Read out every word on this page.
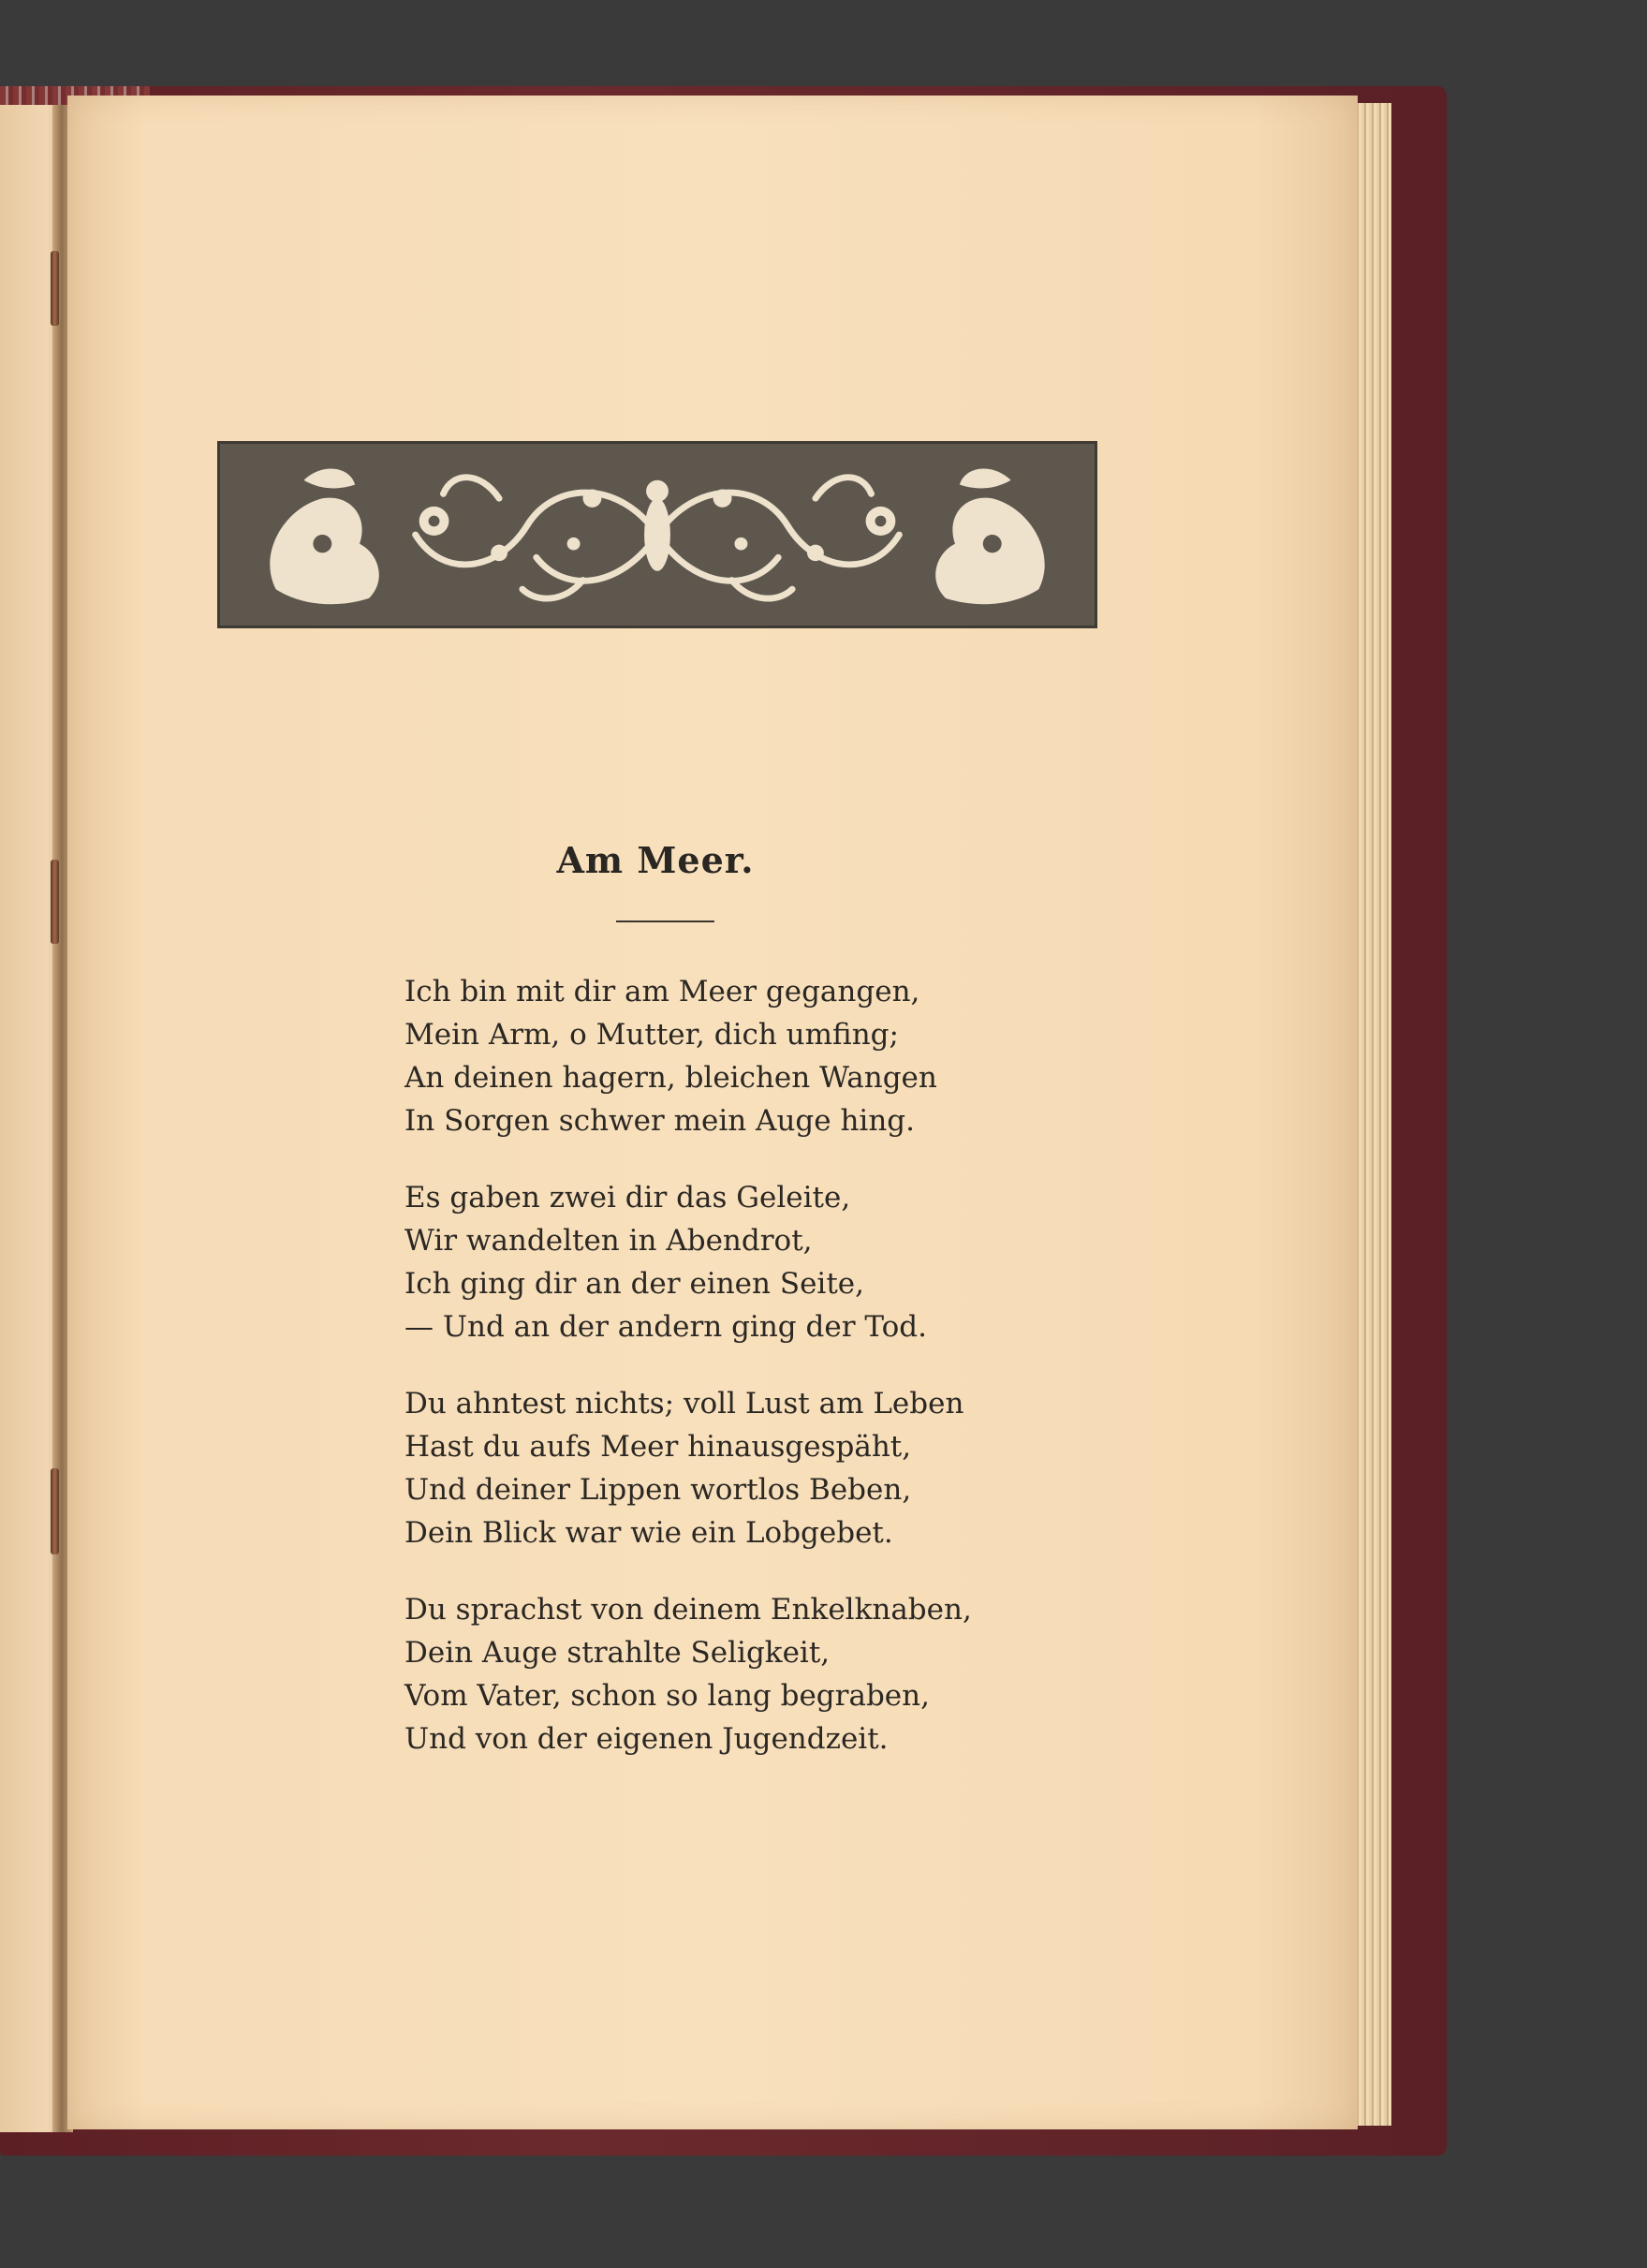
Am Meer.
Ich bin mit dir am Meer gegangen,
Mein Arm, o Mutter, dich umfing;
An deinen hagern, bleichen Wangen
In Sorgen schwer mein Auge hing.
Es gaben zwei dir das Geleite,
Wir wandelten in Abendrot,
Ich ging dir an der einen Seite,
— Und an der andern ging der Tod.
Du ahntest nichts; voll Lust am Leben
Hast du aufs Meer hinausgespäht,
Und deiner Lippen wortlos Beben,
Dein Blick war wie ein Lobgebet.
Du sprachst von deinem Enkelknaben,
Dein Auge strahlte Seligkeit,
Vom Vater, schon so lang begraben,
Und von der eigenen Jugendzeit.
